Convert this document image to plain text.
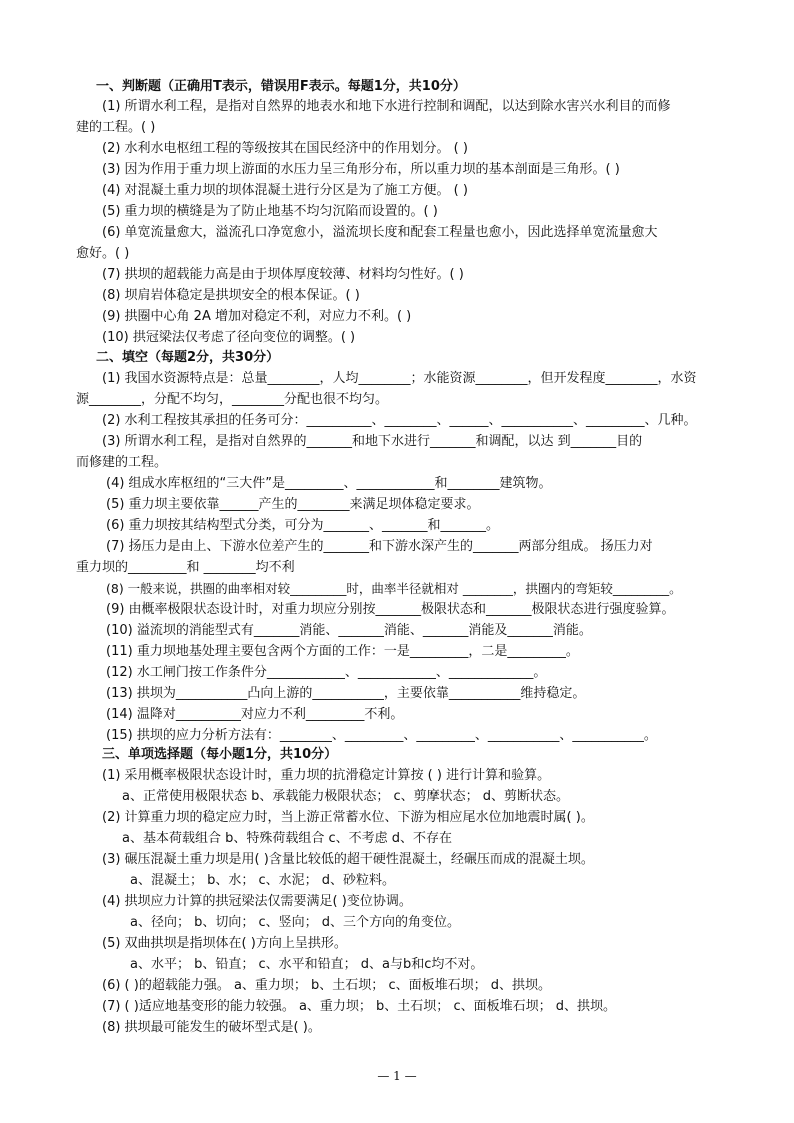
一、判断题（正确用T表示，错误用F表示。每题1分，共10分）
(1) 所谓水利工程，是指对自然界的地表水和地下水进行控制和调配，以达到除水害兴水利目的而修
建的工程。( )
(2) 水利水电枢纽工程的等级按其在国民经济中的作用划分。 ( )
(3) 因为作用于重力坝上游面的水压力呈三角形分布，所以重力坝的基本剖面是三角形。( )
(4) 对混凝土重力坝的坝体混凝土进行分区是为了施工方便。 ( )
(5) 重力坝的横缝是为了防止地基不均匀沉陷而设置的。( )
(6) 单宽流量愈大，溢流孔口净宽愈小，溢流坝长度和配套工程量也愈小，因此选择单宽流量愈大
愈好。( )
(7) 拱坝的超载能力高是由于坝体厚度较薄、材料均匀性好。( )
(8) 坝肩岩体稳定是拱坝安全的根本保证。( )
(9) 拱圈中心角 2A 增加对稳定不利，对应力不利。( )
(10) 拱冠梁法仅考虑了径向变位的调整。( )
二、填空（每题2分，共30分）
(1) 我国水资源特点是：总量________，人均________；水能资源________，但开发程度________，水资
源________，分配不均匀，________分配也很不均匀。
(2) 水利工程按其承担的任务可分：__________、________、______、___________、_________、几种。
(3) 所谓水利工程，是指对自然界的_______和地下水进行_______和调配，以达 到_______目的
而修建的工程。
(4) 组成水库枢纽的“三大件”是_________、____________和________建筑物。
(5) 重力坝主要依靠______产生的________来满足坝体稳定要求。
(6) 重力坝按其结构型式分类，可分为_______、_______和_______。
(7) 扬压力是由上、下游水位差产生的_______和下游水深产生的_______两部分组成。 扬压力对
重力坝的_________和 ________均不利
(8) 一般来说，拱圈的曲率相对较_________时，曲率半径就相对 ________，拱圈内的弯矩较_________。
(9) 由概率极限状态设计时，对重力坝应分别按_______极限状态和_______极限状态进行强度验算。
(10) 溢流坝的消能型式有_______消能、_______消能、_______消能及_______消能。
(11) 重力坝地基处理主要包含两个方面的工作：一是_________，二是_________。
(12) 水工闸门按工作条件分____________、____________、_____________。
(13) 拱坝为___________凸向上游的___________，主要依靠___________维持稳定。
(14) 温降对__________对应力不利_________不利。
(15) 拱坝的应力分析方法有：________、_________、_________、___________、___________。
三、单项选择题（每小题1分，共10分）
(1) 采用概率极限状态设计时，重力坝的抗滑稳定计算按 ( ) 进行计算和验算。
a、正常使用极限状态 b、承载能力极限状态； c、剪摩状态； d、剪断状态。
(2) 计算重力坝的稳定应力时，当上游正常蓄水位、下游为相应尾水位加地震时属( )。
a、基本荷载组合 b、特殊荷载组合 c、不考虑 d、不存在
(3) 碾压混凝土重力坝是用( )含量比较低的超干硬性混凝土，经碾压而成的混凝土坝。
a、混凝土； b、水； c、水泥； d、砂粒料。
(4) 拱坝应力计算的拱冠梁法仅需要满足( )变位协调。
a、径向； b、切向； c、竖向； d、三个方向的角变位。
(5) 双曲拱坝是指坝体在( )方向上呈拱形。
a、水平； b、铅直； c、水平和铅直； d、a与b和c均不对。
(6) ( )的超载能力强。 a、重力坝； b、土石坝； c、面板堆石坝； d、拱坝。
(7) ( )适应地基变形的能力较强。 a、重力坝； b、土石坝； c、面板堆石坝； d、拱坝。
(8) 拱坝最可能发生的破坏型式是( )。
— 1 —
